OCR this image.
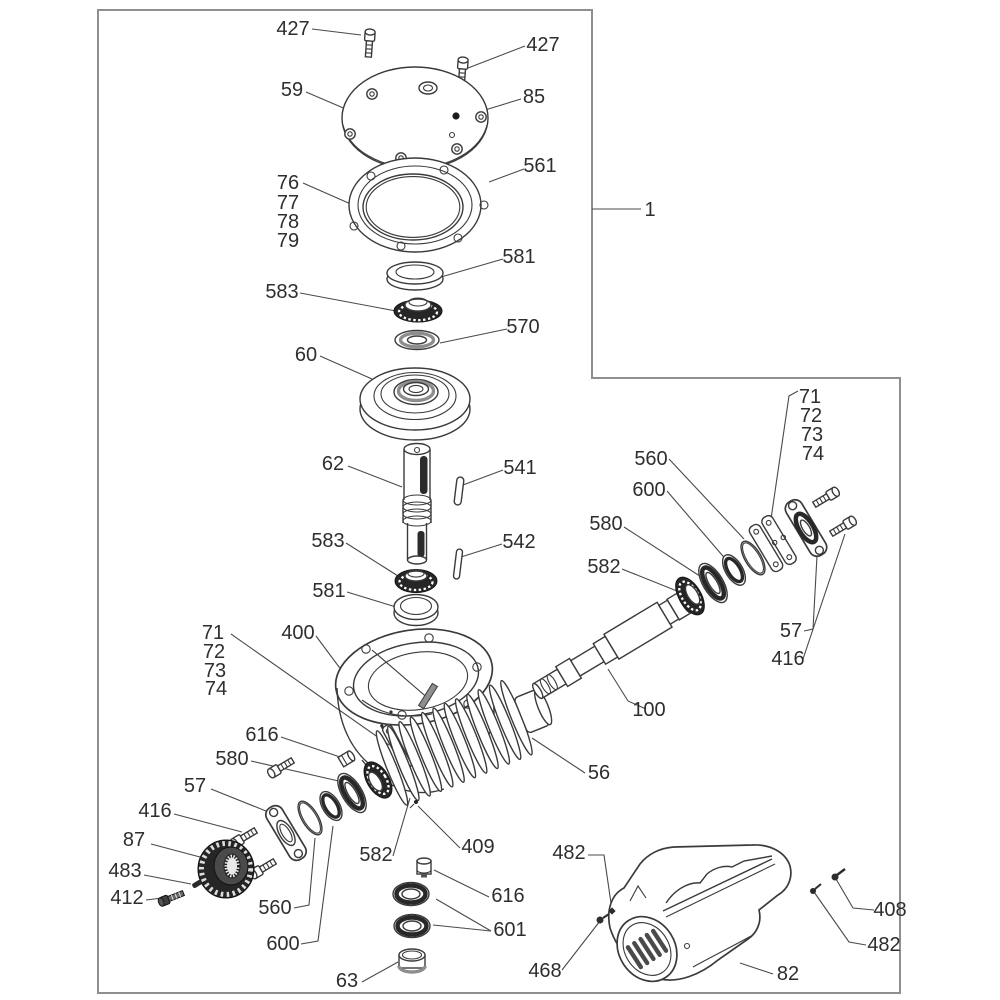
427
427
59	85
561
76
77
78
79
581
583
570
60
62	541
583	542
581
1
71
72
73
74
560
600
580
582
57
416
100
56
400
71
72
73
74
616
580
57
416
87
483
412	560
600
63
582	409
616
601
482
468	82
408
482
